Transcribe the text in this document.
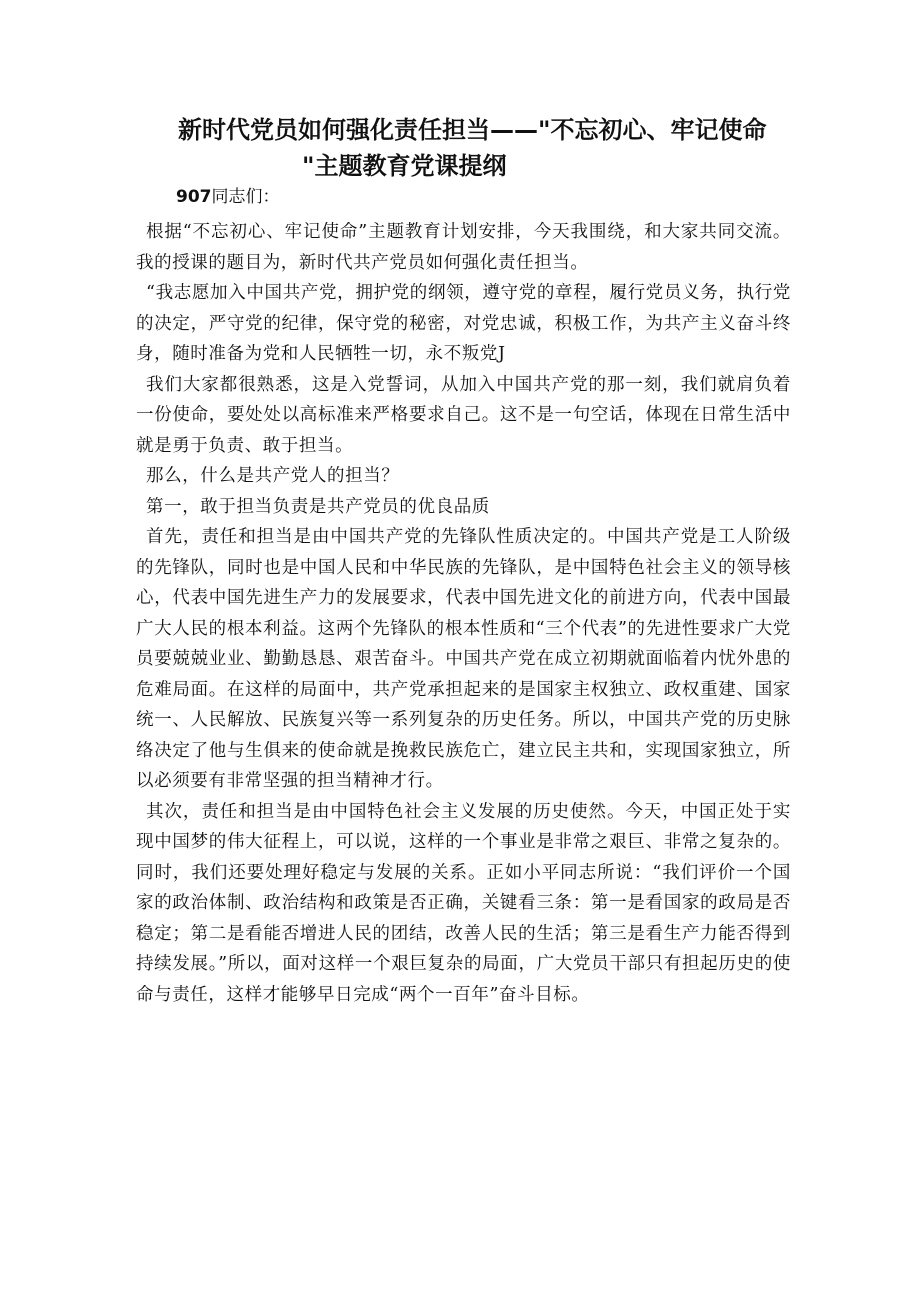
新时代党员如何强化责任担当——"不忘初心、牢记使命
"主题教育党课提纲
907同志们：

根据“不忘初心、牢记使命”主题教育计划安排，今天我围绕，和大家共同交流。我的授课的题目为，新时代共产党员如何强化责任担当。

“我志愿加入中国共产党，拥护党的纲领，遵守党的章程，履行党员义务，执行党的决定，严守党的纪律，保守党的秘密，对党忠诚，积极工作，为共产主义奋斗终身，随时准备为党和人民牺牲一切，永不叛党J

我们大家都很熟悉，这是入党誓词，从加入中国共产党的那一刻，我们就肩负着一份使命，要处处以高标准来严格要求自己。这不是一句空话，体现在日常生活中就是勇于负责、敢于担当。

那么，什么是共产党人的担当？

第一，敢于担当负责是共产党员的优良品质

首先，责任和担当是由中国共产党的先锋队性质决定的。中国共产党是工人阶级的先锋队，同时也是中国人民和中华民族的先锋队，是中国特色社会主义的领导核心，代表中国先进生产力的发展要求，代表中国先进文化的前进方向，代表中国最广大人民的根本利益。这两个先锋队的根本性质和“三个代表”的先进性要求广大党员要兢兢业业、勤勤恳恳、艰苦奋斗。中国共产党在成立初期就面临着内忧外患的危难局面。在这样的局面中，共产党承担起来的是国家主权独立、政权重建、国家统一、人民解放、民族复兴等一系列复杂的历史任务。所以，中国共产党的历史脉络决定了他与生俱来的使命就是挽救民族危亡，建立民主共和，实现国家独立，所以必须要有非常坚强的担当精神才行。

其次，责任和担当是由中国特色社会主义发展的历史使然。今天，中国正处于实现中国梦的伟大征程上，可以说，这样的一个事业是非常之艰巨、非常之复杂的。同时，我们还要处理好稳定与发展的关系。正如小平同志所说：“我们评价一个国家的政治体制、政治结构和政策是否正确，关键看三条：第一是看国家的政局是否稳定；第二是看能否增进人民的团结，改善人民的生活；第三是看生产力能否得到持续发展。”所以，面对这样一个艰巨复杂的局面，广大党员干部只有担起历史的使命与责任，这样才能够早日完成“两个一百年”奋斗目标。
